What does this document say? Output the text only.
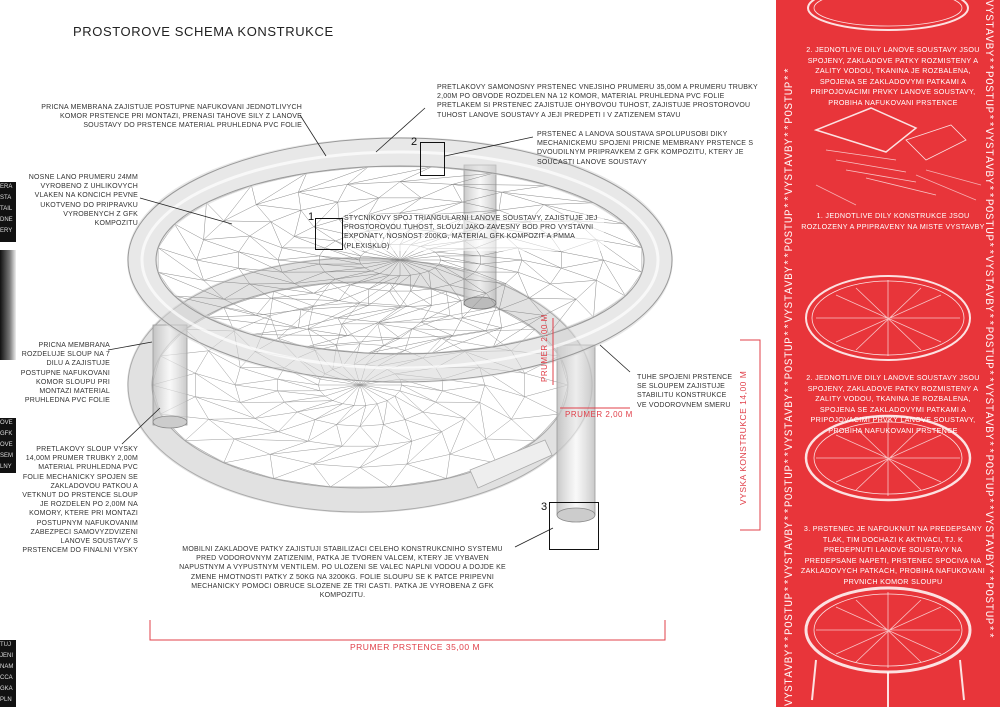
ERA
STA
TAIL
DNE
ERY
OVE
GFK
OVE
SEM
LNY
TUJ
JENI
NAM
CCA
GKA
PLN
PROSTOROVE SCHEMA KONSTRUKCE
1
2
3
PRETLAKOVY SAMONOSNY PRSTENEC VNEJSIHO PRUMERU 35,00M A PRUMERU TRUBKY 2,00M PO OBVODE ROZDELEN NA 12 KOMOR, MATERIAL PRUHLEDNA PVC FOLIE PRETLAKEM SI PRSTENEC ZAJISTUJE OHYBOVOU TUHOST, ZAJISTUJE PROSTOROVOU TUHOST LANOVE SOUSTAVY A JEJI PREDPETI I V ZATIZENEM STAVU
PRICNA MEMBRANA ZAJISTUJE POSTUPNE NAFUKOVANI JEDNOTLIVYCH KOMOR PRSTENCE PRI MONTAZI, PRENASI TAHOVE SILY Z LANOVE SOUSTAVY DO PRSTENCE MATERIAL PRUHLEDNA PVC FOLIE
PRSTENEC A LANOVA SOUSTAVA SPOLUPUSOBI DIKY MECHANICKEMU SPOJENI PRICNE MEMBRANY PRSTENCE S DVOUDILNYM PRIPRAVKEM Z GFK KOMPOZITU, KTERY JE SOUCASTI LANOVE SOUSTAVY
NOSNE LANO PRUMERU 24MM VYROBENO Z UHLIKOVYCH VLAKEN NA KONCICH PEVNE UKOTVENO DO PRIPRAVKU VYROBENYCH Z GFK KOMPOZITU
STYCNIKOVY SPOJ TRIANGULARNI LANOVE SOUSTAVY, ZAJISTUJE JEJ PROSTOROVOU TUHOST, SLOUZI JAKO ZAVESNY BOD PRO VYSTAVNI EXPONATY, NOSNOST 200KG, MATERIAL GFK KOMPOZIT A PMMA (PLEXISKLO)
PRICNA MEMBRANA ROZDELUJE SLOUP NA 7 DILU A ZAJISTUJE POSTUPNE NAFUKOVANI KOMOR SLOUPU PRI MONTAZI MATERIAL PRUHLEDNA PVC FOLIE
TUHE SPOJENI PRSTENCE SE SLOUPEM ZAJISTUJE STABILITU KONSTRUKCE VE VODOROVNEM SMERU
PRETLAKOVY SLOUP VYSKY 14,00M PRUMER TRUBKY 2,00M MATERIAL PRUHLEDNA PVC FOLIE MECHANICKY SPOJEN SE ZAKLADOVOU PATKOU A VETKNUT DO PRSTENCE SLOUP JE ROZDELEN PO 2,00M NA KOMORY, KTERE PRI MONTAZI POSTUPNYM NAFUKOVANIM ZABEZPECI SAMOVYZDVIZENI LANOVE SOUSTAVY S PRSTENCEM DO FINALNI VYSKY	MOBILNI ZAKLADOVE PATKY ZAJISTUJI STABILIZACI CELEHO KONSTRUKCNIHO SYSTEMU PRED VODOROVNYM ZATIZENIM, PATKA JE TVOREN VALCEM, KTERY JE VYBAVEN NAPUSTNYM A VYPUSTNYM VENTILEM. PO ULOZENI SE VALEC NAPLNI VODOU A DOJDE KE ZMENE HMOTNOSTI PATKY Z 50KG NA 3200KG. FOLIE SLOUPU SE K PATCE PRIPEVNI MECHANICKY POMOCI OBRUCE SLOZENE ZE TRI CASTI. PATKA JE VYROBENA Z GFK KOMPOZITU.
PRUMER 2,00 M
PRUMER 2,00 M	VYSKA KONSTRUKCE 14,00 M
PRUMER PRSTENCE 35,00 M	VYSTAVBY**POSTUP**VYSTAVBY**POSTUP**VYSTAVBY**POSTUP**VYSTAVBY**POSTUP**VYSTAVBY**POSTUP**	VYSTAVBY**POSTUP**VYSTAVBY**POSTUP**VYSTAVBY**POSTUP**VYSTAVBY**POSTUP**VYSTAVBY**POSTUP**
2. JEDNOTLIVE DILY LANOVE SOUSTAVY JSOU SPOJENY, ZAKLADOVE PATKY ROZMISTENY A ZALITY VODOU, TKANINA JE ROZBALENA, SPOJENA SE ZAKLADOVYMI PATKAMI A PRIPOJOVACIMI PRVKY LANOVE SOUSTAVY, PROBIHA NAFUKOVANI PRSTENCE
1. JEDNOTLIVE DILY KONSTRUKCE JSOU ROZLOZENY A PPIPRAVENY NA MISTE VYSTAVBY
2. JEDNOTLIVE DILY LANOVE SOUSTAVY JSOU SPOJENY, ZAKLADOVE PATKY ROZMISTENY A ZALITY VODOU, TKANINA JE ROZBALENA, SPOJENA SE ZAKLADOVYMI PATKAMI A PRIPOJOVACIMI PRVKY LANOVE SOUSTAVY, PROBIHA NAFUKOVANI PRSTENCE
3. PRSTENEC JE NAFOUKNUT NA PREDEPSANY TLAK, TIM DOCHAZI K AKTIVACI, TJ. K PREDEPNUTI LANOVE SOUSTAVY NA PREDEPSANE NAPETI, PRSTENEC SPOCIVA NA ZAKLADOVYCH PATKACH, PROBIHA NAFUKOVANI PRVNICH KOMOR SLOUPU
